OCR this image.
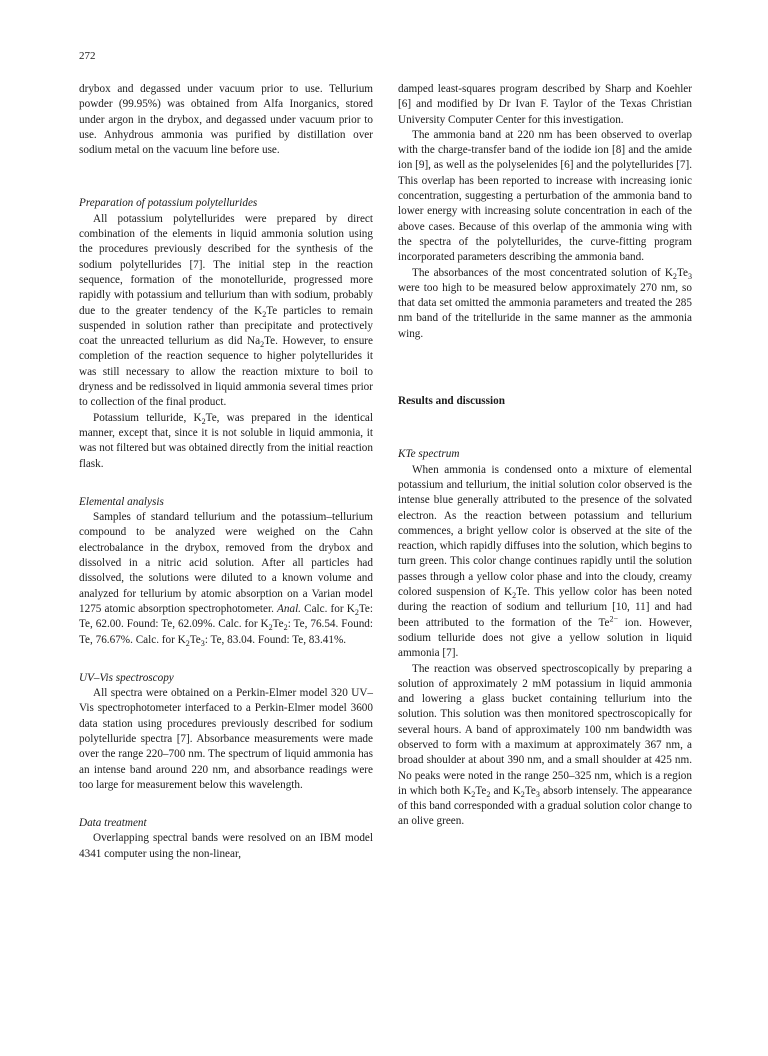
272

drybox and degassed under vacuum prior to use. Tellurium powder (99.95%) was obtained from Alfa Inorganics, stored under argon in the drybox, and degassed under vacuum prior to use. Anhydrous ammonia was purified by distillation over sodium metal on the vacuum line before use.

Preparation of potassium polytellurides

All potassium polytellurides were prepared by direct combination of the elements in liquid ammonia solution using the procedures previously described for the synthesis of the sodium polytellurides [7]. The initial step in the reaction sequence, formation of the monotelluride, progressed more rapidly with potassium and tellurium than with sodium, probably due to the greater tendency of the $K_2Te$ particles to remain suspended in solution rather than precipitate and protectively coat the unreacted tellurium as did $Na_2Te$. However, to ensure completion of the reaction sequence to higher polytellurides it was still necessary to allow the reaction mixture to boil to dryness and be redissolved in liquid ammonia several times prior to collection of the final product.

Potassium telluride, $K_2Te$, was prepared in the identical manner, except that, since it is not soluble in liquid ammonia, it was not filtered but was obtained directly from the initial reaction flask.

Elemental analysis

Samples of standard tellurium and the potassium–tellurium compound to be analyzed were weighed on the Cahn electrobalance in the drybox, removed from the drybox and dissolved in a nitric acid solution. After all particles had dissolved, the solutions were diluted to a known volume and analyzed for tellurium by atomic absorption on a Varian model 1275 atomic absorption spectrophotometer. Anal. Calc. for $K_2Te$: Te, 62.00. Found: Te, 62.09%. Calc. for $K_2Te_2$: Te, 76.54. Found: Te, 76.67%. Calc. for $K_2Te_3$: Te, 83.04. Found: Te, 83.41%.

UV–Vis spectroscopy

All spectra were obtained on a Perkin-Elmer model 320 UV–Vis spectrophotometer interfaced to a Perkin-Elmer model 3600 data station using procedures previously described for sodium polytelluride spectra [7]. Absorbance measurements were made over the range 220–700 nm. The spectrum of liquid ammonia has an intense band around 220 nm, and absorbance readings were too large for measurement below this wavelength.

Data treatment

Overlapping spectral bands were resolved on an IBM model 4341 computer using the non-linear,

damped least-squares program described by Sharp and Koehler [6] and modified by Dr Ivan F. Taylor of the Texas Christian University Computer Center for this investigation.

The ammonia band at 220 nm has been observed to overlap with the charge-transfer band of the iodide ion [8] and the amide ion [9], as well as the polyselenides [6] and the polytellurides [7]. This overlap has been reported to increase with increasing ionic concentration, suggesting a perturbation of the ammonia band to lower energy with increasing solute concentration in each of the above cases. Because of this overlap of the ammonia wing with the spectra of the polytellurides, the curve-fitting program incorporated parameters describing the ammonia band.

The absorbances of the most concentrated solution of $K_2Te_3$ were too high to be measured below approximately 270 nm, so that data set omitted the ammonia parameters and treated the 285 nm band of the tritelluride in the same manner as the ammonia wing.

Results and discussion
KTe spectrum

When ammonia is condensed onto a mixture of elemental potassium and tellurium, the initial solution color observed is the intense blue generally attributed to the presence of the solvated electron. As the reaction between potassium and tellurium commences, a bright yellow color is observed at the site of the reaction, which rapidly diffuses into the solution, which begins to turn green. This color change continues rapidly until the solution passes through a yellow color phase and into the cloudy, creamy colored suspension of $K_2Te$. This yellow color has been noted during the reaction of sodium and tellurium [10, 11] and had been attributed to the formation of the $Te^{2-}$ ion. However, sodium telluride does not give a yellow solution in liquid ammonia [7].

The reaction was observed spectroscopically by preparing a solution of approximately 2 mM potassium in liquid ammonia and lowering a glass bucket containing tellurium into the solution. This solution was then monitored spectroscopically for several hours. A band of approximately 100 nm bandwidth was observed to form with a maximum at approximately 367 nm, a broad shoulder at about 390 nm, and a small shoulder at 425 nm. No peaks were noted in the range 250–325 nm, which is a region in which both $K_2Te_2$ and $K_2Te_3$ absorb intensely. The appearance of this band corresponded with a gradual solution color change to an olive green.
